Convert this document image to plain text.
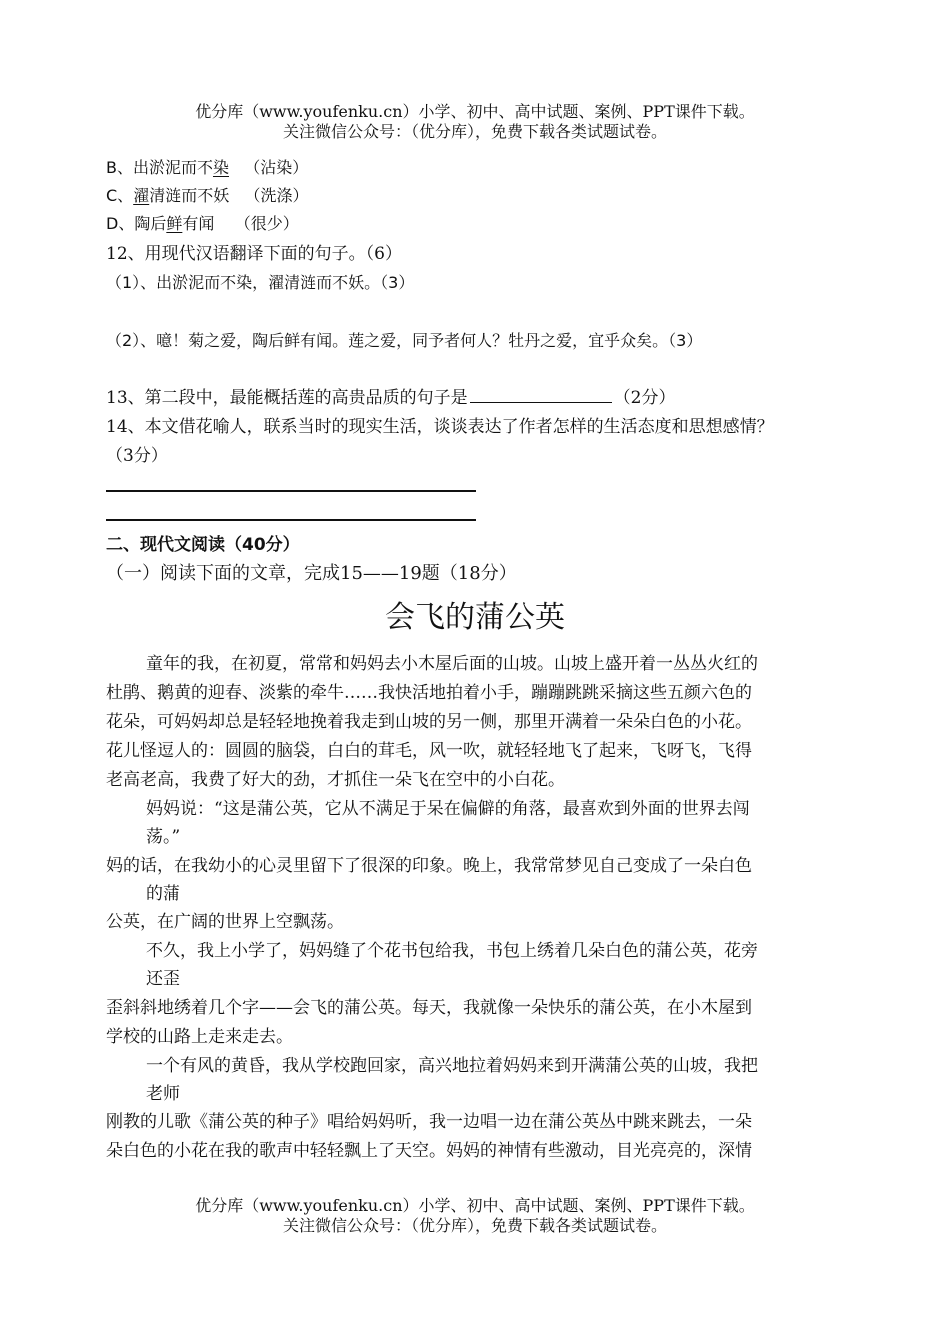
优分库（www.youfenku.cn）小学、初中、高中试题、案例、PPT课件下载。
关注微信公众号：（优分库），免费下载各类试题试卷。
B、出淤泥而不染   （沾染）
C、濯清涟而不妖   （洗涤）
D、陶后鲜有闻    （很少）
12、用现代汉语翻译下面的句子。（6）
（1）、出淤泥而不染，濯清涟而不妖。（3）
（2）、噫！菊之爱，陶后鲜有闻。莲之爱，同予者何人？牡丹之爱，宜乎众矣。（3）
13、第二段中，最能概括莲的高贵品质的句子是	（2分）
14、本文借花喻人，联系当时的现实生活，谈谈表达了作者怎样的生活态度和思想感情？
（3分）
二、现代文阅读（40分）
（一）阅读下面的文章，完成15——19题（18分）
会飞的蒲公英
童年的我，在初夏，常常和妈妈去小木屋后面的山坡。山坡上盛开着一丛丛火红的
杜鹃、鹅黄的迎春、淡紫的牵牛……我快活地拍着小手，蹦蹦跳跳采摘这些五颜六色的
花朵，可妈妈却总是轻轻地挽着我走到山坡的另一侧，那里开满着一朵朵白色的小花。
花儿怪逗人的：圆圆的脑袋，白白的茸毛，风一吹，就轻轻地飞了起来，飞呀飞，飞得
老高老高，我费了好大的劲，才抓住一朵飞在空中的小白花。
妈妈说：“这是蒲公英，它从不满足于呆在偏僻的角落，最喜欢到外面的世界去闯
荡。”
妈的话，在我幼小的心灵里留下了很深的印象。晚上，我常常梦见自己变成了一朵白色
的蒲
公英，在广阔的世界上空飘荡。
不久，我上小学了，妈妈缝了个花书包给我，书包上绣着几朵白色的蒲公英，花旁
还歪
歪斜斜地绣着几个字——会飞的蒲公英。每天，我就像一朵快乐的蒲公英，在小木屋到
学校的山路上走来走去。
一个有风的黄昏，我从学校跑回家，高兴地拉着妈妈来到开满蒲公英的山坡，我把
老师
刚教的儿歌《蒲公英的种子》唱给妈妈听，我一边唱一边在蒲公英丛中跳来跳去，一朵
朵白色的小花在我的歌声中轻轻飘上了天空。妈妈的神情有些激动，目光亮亮的，深情
优分库（www.youfenku.cn）小学、初中、高中试题、案例、PPT课件下载。
关注微信公众号：（优分库），免费下载各类试题试卷。
